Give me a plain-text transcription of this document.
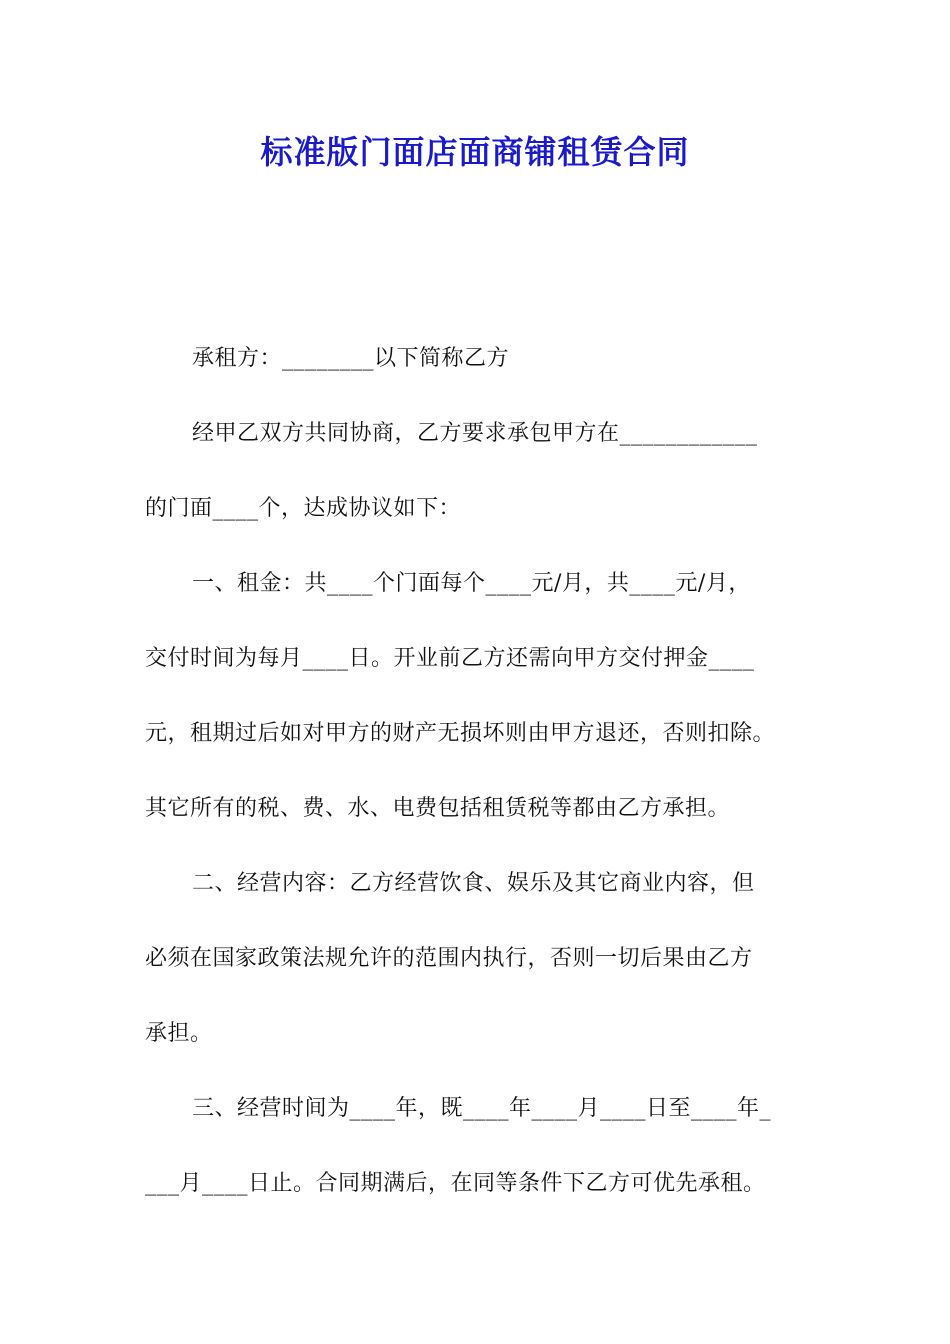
标准版门面店面商铺租赁合同
承租方：________以下简称乙方
经甲乙双方共同协商，乙方要求承包甲方在____________
的门面____个，达成协议如下：
一、租金：共____个门面每个____元/月，共____元/月，
交付时间为每月____日。开业前乙方还需向甲方交付押金____
元，租期过后如对甲方的财产无损坏则由甲方退还，否则扣除。
其它所有的税、费、水、电费包括租赁税等都由乙方承担。
二、经营内容：乙方经营饮食、娱乐及其它商业内容，但
必须在国家政策法规允许的范围内执行，否则一切后果由乙方
承担。
三、经营时间为____年，既____年____月____日至____年_
___月____日止。合同期满后，在同等条件下乙方可优先承租。
